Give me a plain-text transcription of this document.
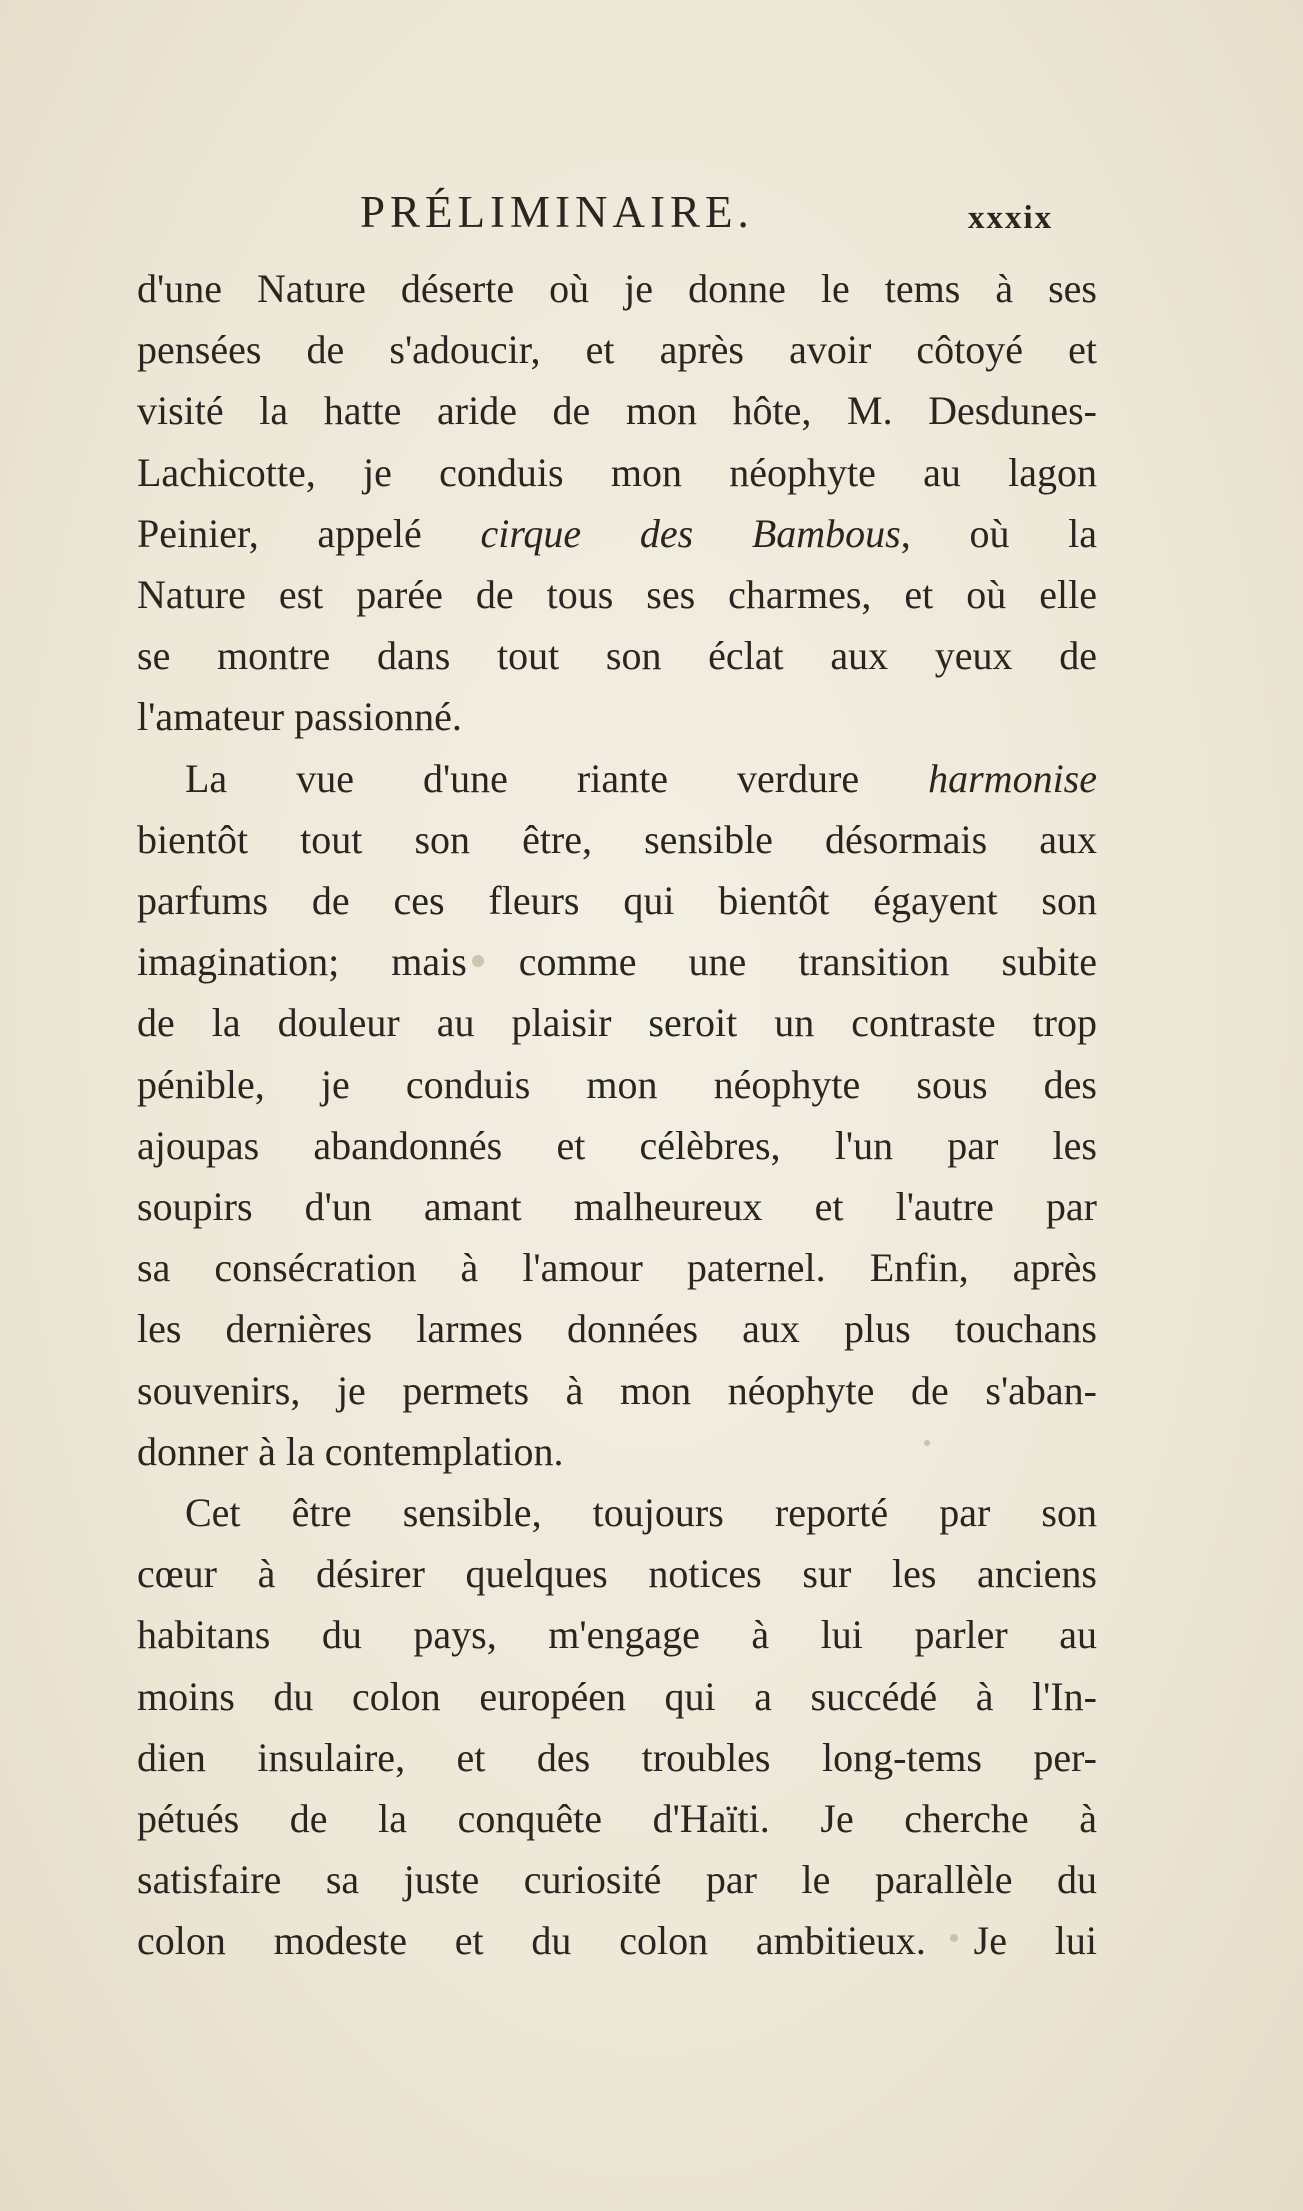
PRÉLIMINAIRE.	xxxix
d'une Nature déserte où je donne le tems à ses
pensées de s'adoucir, et après avoir côtoyé et
visité la hatte aride de mon hôte, M. Desdunes-
Lachicotte, je conduis mon néophyte au lagon
Peinier, appelé cirque des Bambous, où la
Nature est parée de tous ses charmes, et où elle
se montre dans tout son éclat aux yeux de
l'amateur passionné.
La vue d'une riante verdure harmonise
bientôt tout son être, sensible désormais aux
parfums de ces fleurs qui bientôt égayent son
imagination; mais comme une transition subite
de la douleur au plaisir seroit un contraste trop
pénible, je conduis mon néophyte sous des
ajoupas abandonnés et célèbres, l'un par les
soupirs d'un amant malheureux et l'autre par
sa consécration à l'amour paternel. Enfin, après
les dernières larmes données aux plus touchans
souvenirs, je permets à mon néophyte de s'aban-
donner à la contemplation.
Cet être sensible, toujours reporté par son
cœur à désirer quelques notices sur les anciens
habitans du pays, m'engage à lui parler au
moins du colon européen qui a succédé à l'In-
dien insulaire, et des troubles long-tems per-
pétués de la conquête d'Haïti. Je cherche à
satisfaire sa juste curiosité par le parallèle du
colon modeste et du colon ambitieux. Je lui
